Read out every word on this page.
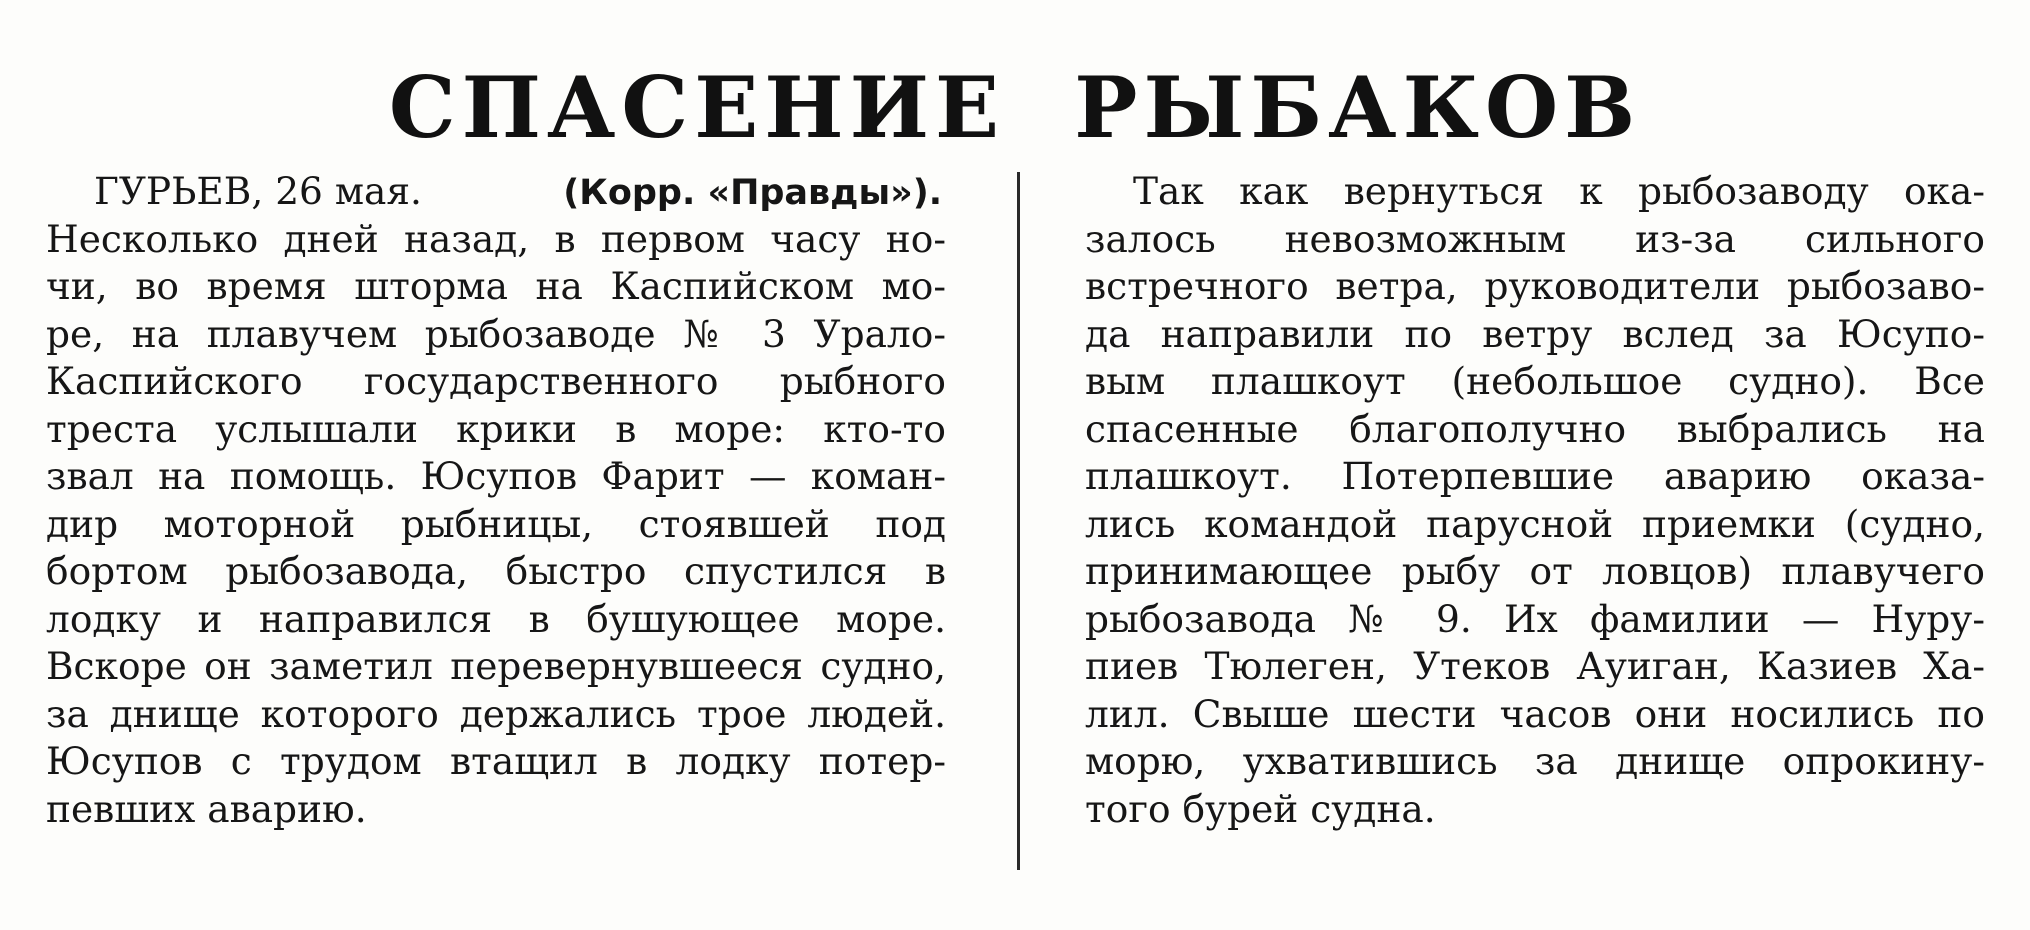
СПАСЕНИЕ РЫБАКОВ
ГУРЬЕВ, 26 мая.	(Корр. «Правды»).
Несколько дней назад, в первом часу но-
чи, во время шторма на Каспийском мо-
ре, на плавучем рыбозаводе № 3 Урало-
Каспийского государственного рыбного
треста услышали крики в море: кто-то
звал на помощь. Юсупов Фарит — коман-
дир моторной рыбницы, стоявшей под
бортом рыбозавода, быстро спустился в
лодку и направился в бушующее море.
Вскоре он заметил перевернувшееся судно,
за днище которого держались трое людей.
Юсупов с трудом втащил в лодку потер-
певших аварию.
Так как вернуться к рыбозаводу ока-
залось невозможным из-за сильного
встречного ветра, руководители рыбозаво-
да направили по ветру вслед за Юсупо-
вым плашкоут (небольшое судно). Все
спасенные благополучно выбрались на
плашкоут. Потерпевшие аварию оказа-
лись командой парусной приемки (судно,
принимающее рыбу от ловцов) плавучего
рыбозавода № 9. Их фамилии — Нуру-
пиев Тюлеген, Утеков Ауиган, Казиев Ха-
лил. Свыше шести часов они носились по
морю, ухватившись за днище опрокину-
того бурей судна.
